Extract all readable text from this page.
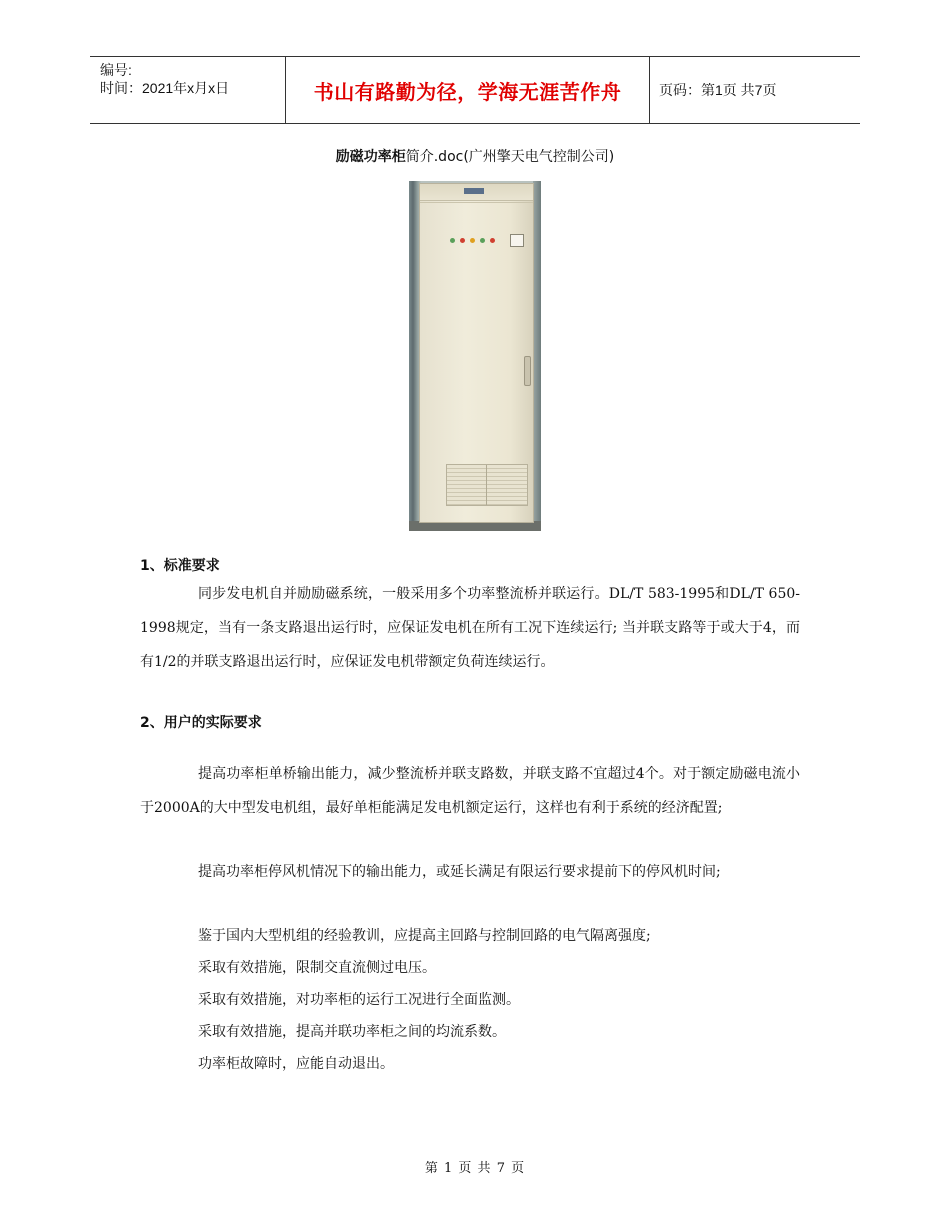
编号:
时间：2021年x月x日	书山有路勤为径，学海无涯苦作舟	页码：第1页 共7页
励磁功率柜简介.doc(广州擎天电气控制公司)
1、标准要求
同步发电机自并励励磁系统，一般采用多个功率整流桥并联运行。DL/T 583-1995和DL/T 650-1998规定，当有一条支路退出运行时，应保证发电机在所有工况下连续运行; 当并联支路等于或大于4，而有1/2的并联支路退出运行时，应保证发电机带额定负荷连续运行。
2、用户的实际要求
提高功率柜单桥输出能力，减少整流桥并联支路数，并联支路不宜超过4个。对于额定励磁电流小于2000A的大中型发电机组，最好单柜能满足发电机额定运行，这样也有利于系统的经济配置;
提高功率柜停风机情况下的输出能力，或延长满足有限运行要求提前下的停风机时间;
鉴于国内大型机组的经验教训，应提高主回路与控制回路的电气隔离强度;
采取有效措施，限制交直流侧过电压。
采取有效措施，对功率柜的运行工况进行全面监测。
采取有效措施，提高并联功率柜之间的均流系数。
功率柜故障时，应能自动退出。
第 1 页 共 7 页
